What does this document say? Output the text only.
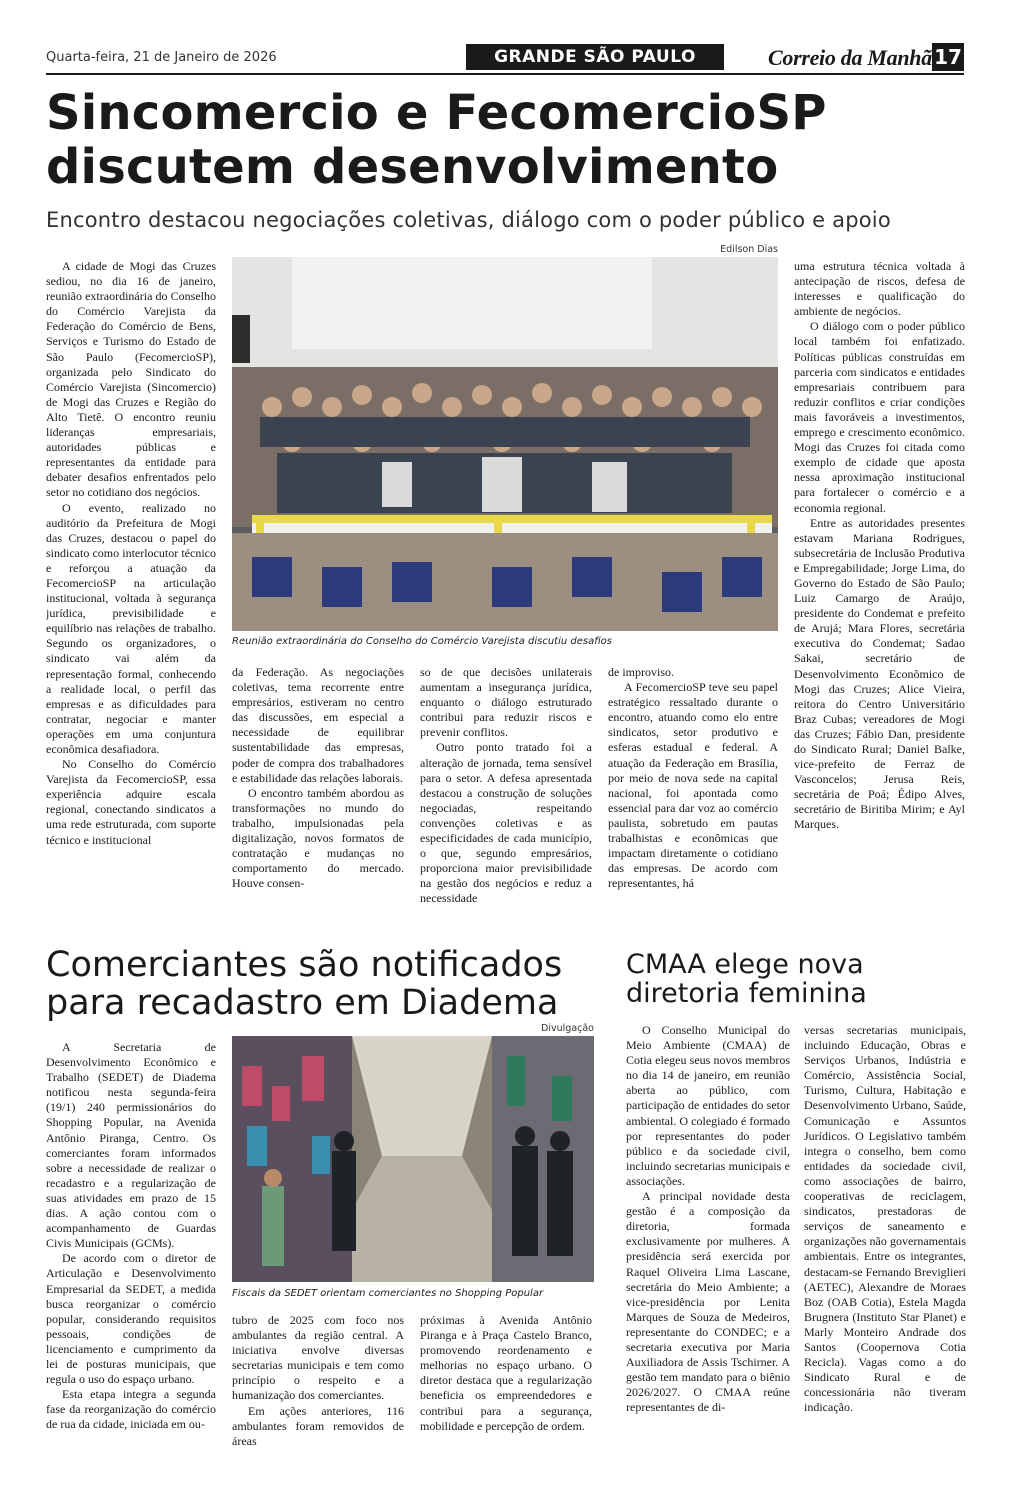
Quarta-feira, 21 de Janeiro de 2026	GRANDE SÃO PAULO	Correio da Manhã 17
Sincomercio e FecomercioSP discutem desenvolvimento
Encontro destacou negociações coletivas, diálogo com o poder público e apoio
Edilson Dias
Reunião extraordinária do Conselho do Comércio Varejista discutiu desafios

A cidade de Mogi das Cruzes sediou, no dia 16 de janeiro, reunião extraordinária do Conselho do Comércio Varejista da Federação do Comércio de Bens, Serviços e Turismo do Estado de São Paulo (FecomercioSP), organizada pelo Sindicato do Comércio Varejista (Sincomercio) de Mogi das Cruzes e Região do Alto Tietê. O encontro reuniu lideranças empresariais, autoridades públicas e representantes da entidade para debater desafios enfrentados pelo setor no cotidiano dos negócios.

O evento, realizado no auditório da Prefeitura de Mogi das Cruzes, destacou o papel do sindicato como interlocutor técnico e reforçou a atuação da FecomercioSP na articulação institucional, voltada à segurança jurídica, previsibilidade e equilíbrio nas relações de trabalho. Segundo os organizadores, o sindicato vai além da representação formal, conhecendo a realidade local, o perfil das empresas e as dificuldades para contratar, negociar e manter operações em uma conjuntura econômica desafiadora.

No Conselho do Comércio Varejista da FecomercioSP, essa experiência adquire escala regional, conectando sindicatos a uma rede estruturada, com suporte técnico e institucional

da Federação. As negociações coletivas, tema recorrente entre empresários, estiveram no centro das discussões, em especial a necessidade de equilibrar sustentabilidade das empresas, poder de compra dos trabalhadores e estabilidade das relações laborais.

O encontro também abordou as transformações no mundo do trabalho, impulsionadas pela digitalização, novos formatos de contratação e mudanças no comportamento do mercado. Houve consen-

so de que decisões unilaterais aumentam a insegurança jurídica, enquanto o diálogo estruturado contribui para reduzir riscos e prevenir conflitos.

Outro ponto tratado foi a alteração de jornada, tema sensível para o setor. A defesa apresentada destacou a construção de soluções negociadas, respeitando convenções coletivas e as especificidades de cada município, o que, segundo empresários, proporciona maior previsibilidade na gestão dos negócios e reduz a necessidade

de improviso.

A FecomercioSP teve seu papel estratégico ressaltado durante o encontro, atuando como elo entre sindicatos, setor produtivo e esferas estadual e federal. A atuação da Federação em Brasília, por meio de nova sede na capital nacional, foi apontada como essencial para dar voz ao comércio paulista, sobretudo em pautas trabalhistas e econômicas que impactam diretamente o cotidiano das empresas. De acordo com representantes, há

uma estrutura técnica voltada à antecipação de riscos, defesa de interesses e qualificação do ambiente de negócios.

O diálogo com o poder público local também foi enfatizado. Políticas públicas construídas em parceria com sindicatos e entidades empresariais contribuem para reduzir conflitos e criar condições mais favoráveis a investimentos, emprego e crescimento econômico. Mogi das Cruzes foi citada como exemplo de cidade que aposta nessa aproximação institucional para fortalecer o comércio e a economia regional.

Entre as autoridades presentes estavam Mariana Rodrigues, subsecretária de Inclusão Produtiva e Empregabilidade; Jorge Lima, do Governo do Estado de São Paulo; Luiz Camargo de Araújo, presidente do Condemat e prefeito de Arujá; Mara Flores, secretária executiva do Condemat; Sadao Sakai, secretário de Desenvolvimento Econômico de Mogi das Cruzes; Alice Vieira, reitora do Centro Universitário Braz Cubas; vereadores de Mogi das Cruzes; Fábio Dan, presidente do Sindicato Rural; Daniel Balke, vice-prefeito de Ferraz de Vasconcelos; Jerusa Reis, secretária de Poá; Édipo Alves, secretário de Biritiba Mirim; e Ayl Marques.

Comerciantes são notificados para recadastro em Diadema
Divulgação
Fiscais da SEDET orientam comerciantes no Shopping Popular

A Secretaria de Desenvolvimento Econômico e Trabalho (SEDET) de Diadema notificou nesta segunda-feira (19/1) 240 permissionários do Shopping Popular, na Avenida Antônio Piranga, Centro. Os comerciantes foram informados sobre a necessidade de realizar o recadastro e a regularização de suas atividades em prazo de 15 dias. A ação contou com o acompanhamento de Guardas Civis Municipais (GCMs).

De acordo com o diretor de Articulação e Desenvolvimento Empresarial da SEDET, a medida busca reorganizar o comércio popular, considerando requisitos pessoais, condições de licenciamento e cumprimento da lei de posturas municipais, que regula o uso do espaço urbano.

Esta etapa integra a segunda fase da reorganização do comércio de rua da cidade, iniciada em ou-

tubro de 2025 com foco nos ambulantes da região central. A iniciativa envolve diversas secretarias municipais e tem como princípio o respeito e a humanização dos comerciantes.

Em ações anteriores, 116 ambulantes foram removidos de áreas

próximas à Avenida Antônio Piranga e à Praça Castelo Branco, promovendo reordenamento e melhorias no espaço urbano. O diretor destaca que a regularização beneficia os empreendedores e contribui para a segurança, mobilidade e percepção de ordem.

CMAA elege nova diretoria feminina

O Conselho Municipal do Meio Ambiente (CMAA) de Cotia elegeu seus novos membros no dia 14 de janeiro, em reunião aberta ao público, com participação de entidades do setor ambiental. O colegiado é formado por representantes do poder público e da sociedade civil, incluindo secretarias municipais e associações.

A principal novidade desta gestão é a composição da diretoria, formada exclusivamente por mulheres. A presidência será exercida por Raquel Oliveira Lima Lascane, secretária do Meio Ambiente; a vice-presidência por Lenita Marques de Souza de Medeiros, representante do CONDEC; e a secretaria executiva por Maria Auxiliadora de Assis Tschirner. A gestão tem mandato para o biênio 2026/2027. O CMAA reúne representantes de di-

versas secretarias municipais, incluindo Educação, Obras e Serviços Urbanos, Indústria e Comércio, Assistência Social, Turismo, Cultura, Habitação e Desenvolvimento Urbano, Saúde, Comunicação e Assuntos Jurídicos. O Legislativo também integra o conselho, bem como entidades da sociedade civil, como associações de bairro, cooperativas de reciclagem, sindicatos, prestadoras de serviços de saneamento e organizações não governamentais ambientais. Entre os integrantes, destacam-se Fernando Breviglieri (AETEC), Alexandre de Moraes Boz (OAB Cotia), Estela Magda Brugnera (Instituto Star Planet) e Marly Monteiro Andrade dos Santos (Coopernova Cotia Recicla). Vagas como a do Sindicato Rural e de concessionária não tiveram indicação.
